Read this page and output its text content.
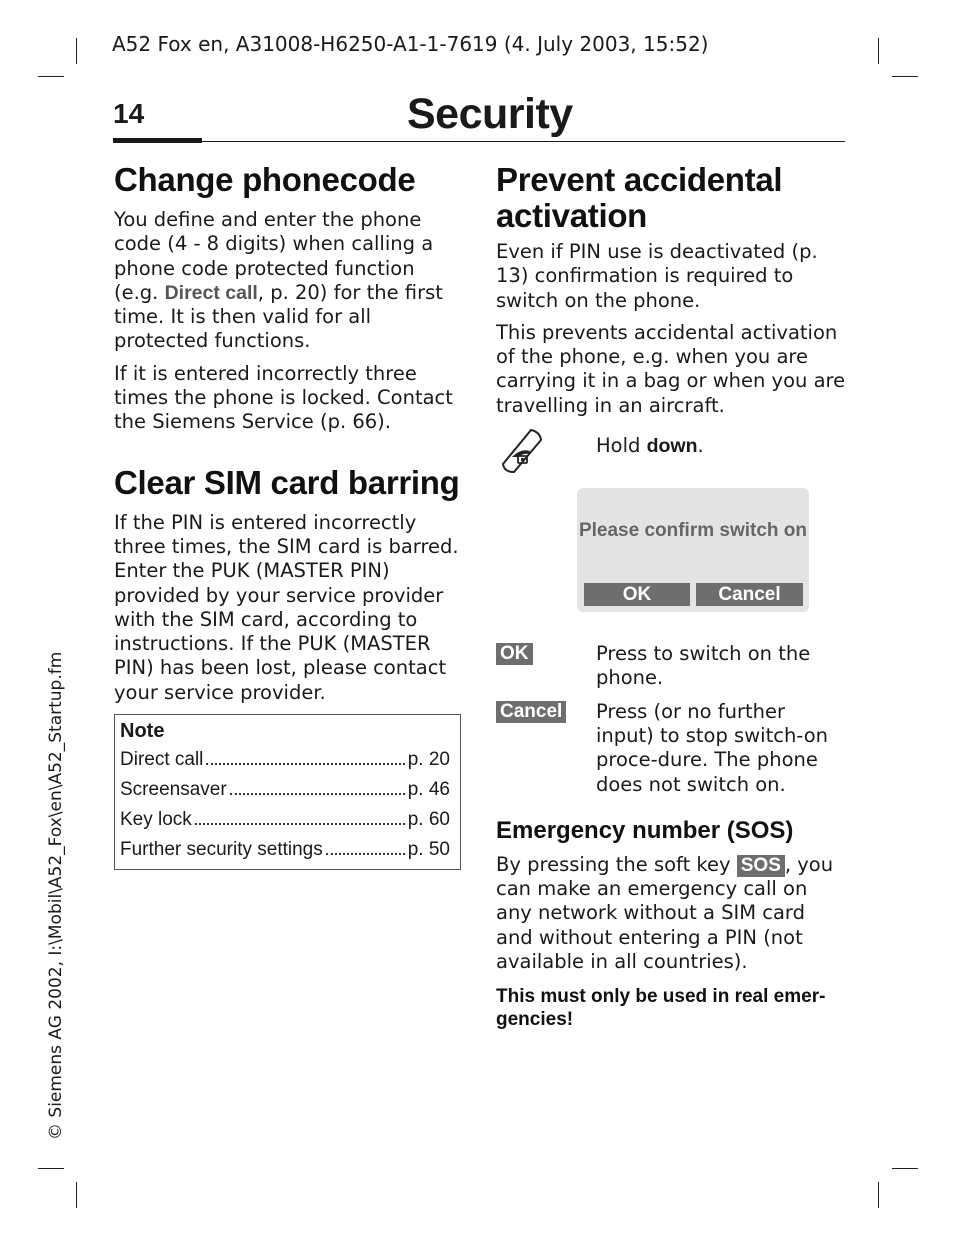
A52 Fox en, A31008-H6250-A1-1-7619 (4. July 2003, 15:52)
14	Security
© Siemens AG 2002, I:\Mobil\A52_Fox\en\A52_Startup.fm
Change phonecode

You define and enter the phone code (4 - 8 digits) when calling a phone code protected function (e.g. Direct call, p. 20) for the first time. It is then valid for all protected functions.

If it is entered incorrectly three times the phone is locked. Contact the Siemens Service (p. 66).

Clear SIM card barring

If the PIN is entered incorrectly three times, the SIM card is barred. Enter the PUK (MASTER PIN) provided by your service provider with the SIM card, according to instructions. If the PUK (MASTER PIN) has been lost, please contact your service provider.

Note
Direct call	p. 20
Screensaver	p. 46
Key lock	p. 60
Further security settings	p. 50
Prevent accidental
activation

Even if PIN use is deactivated (p. 13) confirmation is required to switch on the phone.

This prevents accidental activation of the phone, e.g. when you are carrying it in a bag or when you are travelling in an aircraft.

Hold down.

Please confirm switch on
OK	Cancel
OK	Press to switch on the phone.

Cancel	Press (or no further input) to stop switch-on proce-dure. The phone does not switch on.

Emergency number (SOS)

By pressing the soft key SOS , you can make an emergency call on any network without a SIM card and without entering a PIN (not available in all countries).

This must only be used in real emer-gencies!
